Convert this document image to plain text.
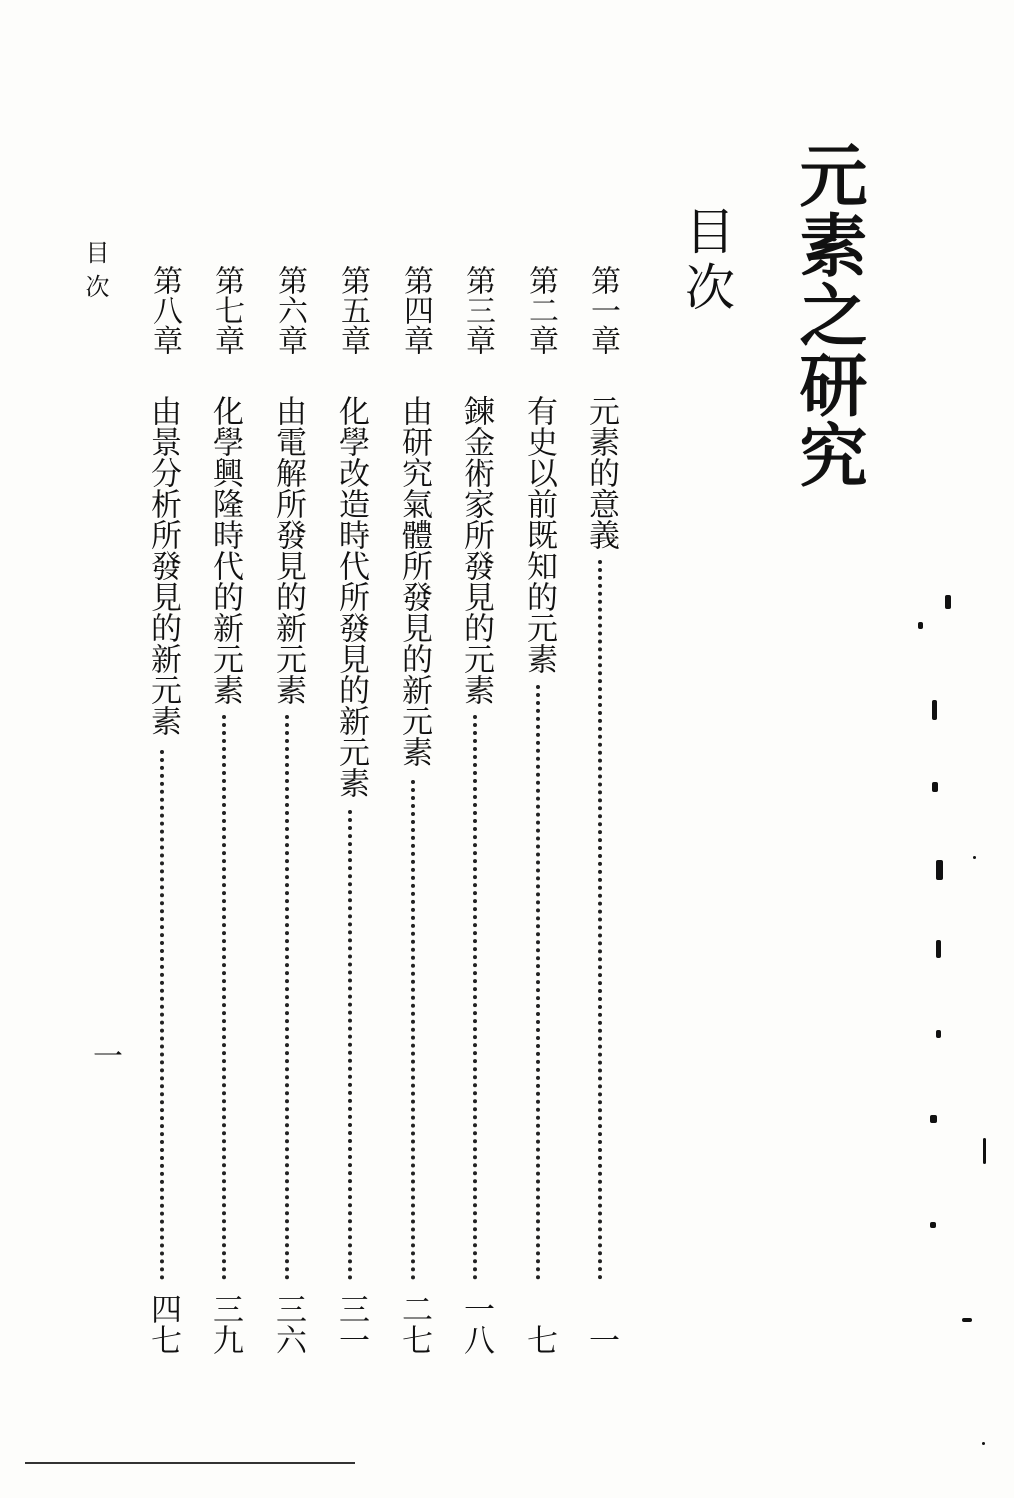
元素之研究
目次
第一章
元素的意義
一
第二章
有史以前既知的元素
七
第三章
鍊金術家所發見的元素
一八
第四章
由研究氣體所發見的新元素
二七
第五章
化學改造時代所發見的新元素
三一
第六章
由電解所發見的新元素
三六
第七章
化學興隆時代的新元素
三九
第八章
由景分析所發見的新元素
四七
目次
一
